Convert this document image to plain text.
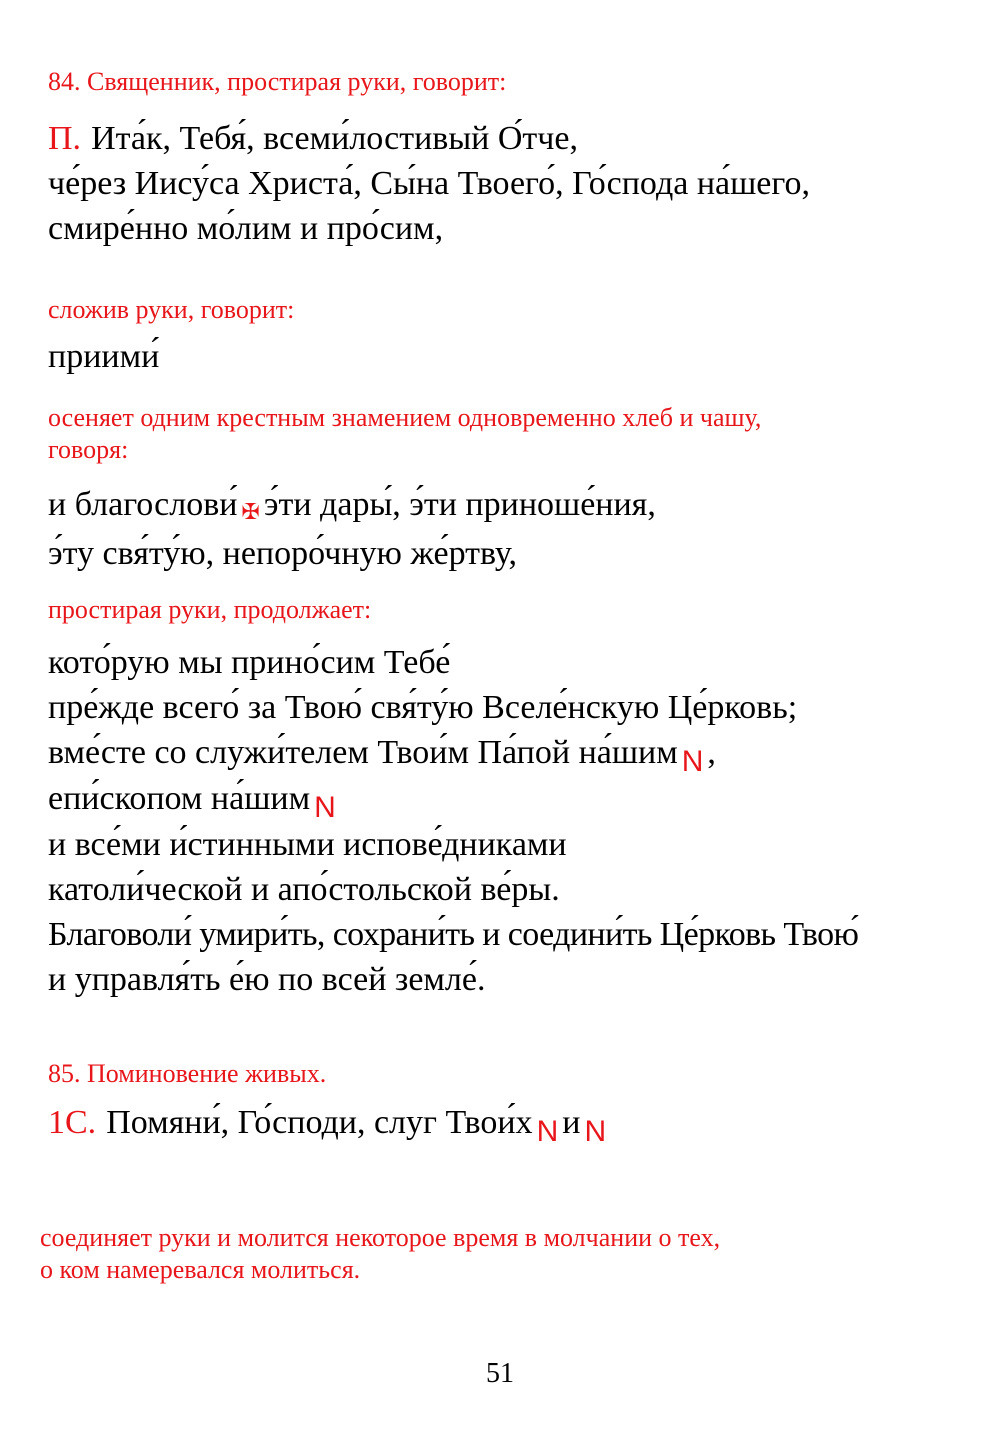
84. Священник, простирая руки, говорит:
П. Ита́к, Тебя́, всеми́лостивый О́тче,
че́рез Иису́са Христа́, Сы́на Твоего́, Го́спода на́шего,
смире́нно мо́лим и про́сим,
сложив руки, говорит:
приими́
осеняет одним крестным знамением одновременно хлеб и чашу,
говоря:
и благослови́ ✠ э́ти дары́, э́ти приноше́ния,
э́ту свя́ту́ю, непоро́чную же́ртву,
простирая руки, продолжает:
кото́рую мы прино́сим Тебе́
пре́жде всего́ за Твою́ свя́ту́ю Вселе́нскую Це́рковь;
вме́сте со служи́телем Твои́м Па́пой на́шим N ,
епи́скопом на́шим N
и все́ми и́стинными испове́дниками
католи́ческой и апо́стольской ве́ры.
Благоволи́ умири́ть, сохрани́ть и соедини́ть Це́рковь Твою́
и управля́ть е́ю по всей земле́.
85. Поминовение живых.
1С. Помяни́, Го́споди, слуг Твои́х N и N
соединяет руки и молится некоторое время в молчании о тех,
о ком намеревался молиться.
51
